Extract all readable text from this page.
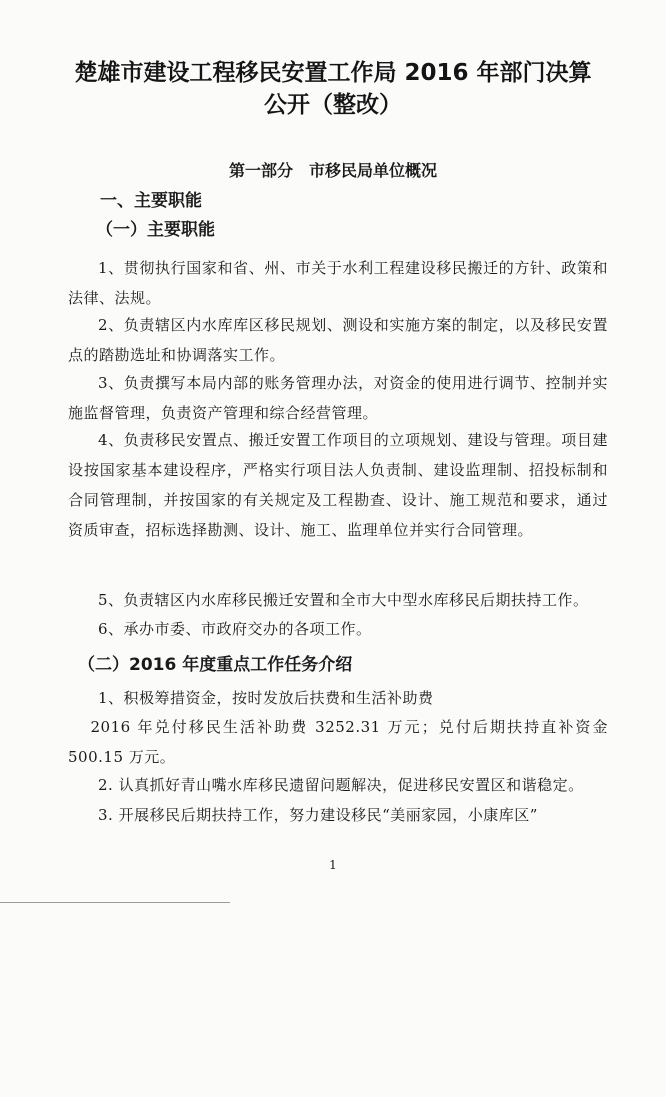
楚雄市建设工程移民安置工作局 2016 年部门决算
公开（整改）
第一部分　市移民局单位概况
一、主要职能
（一）主要职能

1、贯彻执行国家和省、州、市关于水利工程建设移民搬迁的方针、政策和法律、法规。

2、负责辖区内水库库区移民规划、测设和实施方案的制定，以及移民安置点的踏勘选址和协调落实工作。

3、负责撰写本局内部的账务管理办法，对资金的使用进行调节、控制并实施监督管理，负责资产管理和综合经营管理。

4、负责移民安置点、搬迁安置工作项目的立项规划、建设与管理。项目建设按国家基本建设程序，严格实行项目法人负责制、建设监理制、招投标制和合同管理制，并按国家的有关规定及工程勘查、设计、施工规范和要求，通过资质审查，招标选择勘测、设计、施工、监理单位并实行合同管理。

5、负责辖区内水库移民搬迁安置和全市大中型水库移民后期扶持工作。

6、承办市委、市政府交办的各项工作。

（二）2016 年度重点工作任务介绍

1、积极筹措资金，按时发放后扶费和生活补助费

2016 年兑付移民生活补助费 3252.31 万元；兑付后期扶持直补资金 500.15 万元。

2. 认真抓好青山嘴水库移民遗留问题解决，促进移民安置区和谐稳定。

3. 开展移民后期扶持工作，努力建设移民“美丽家园，小康库区”

1
